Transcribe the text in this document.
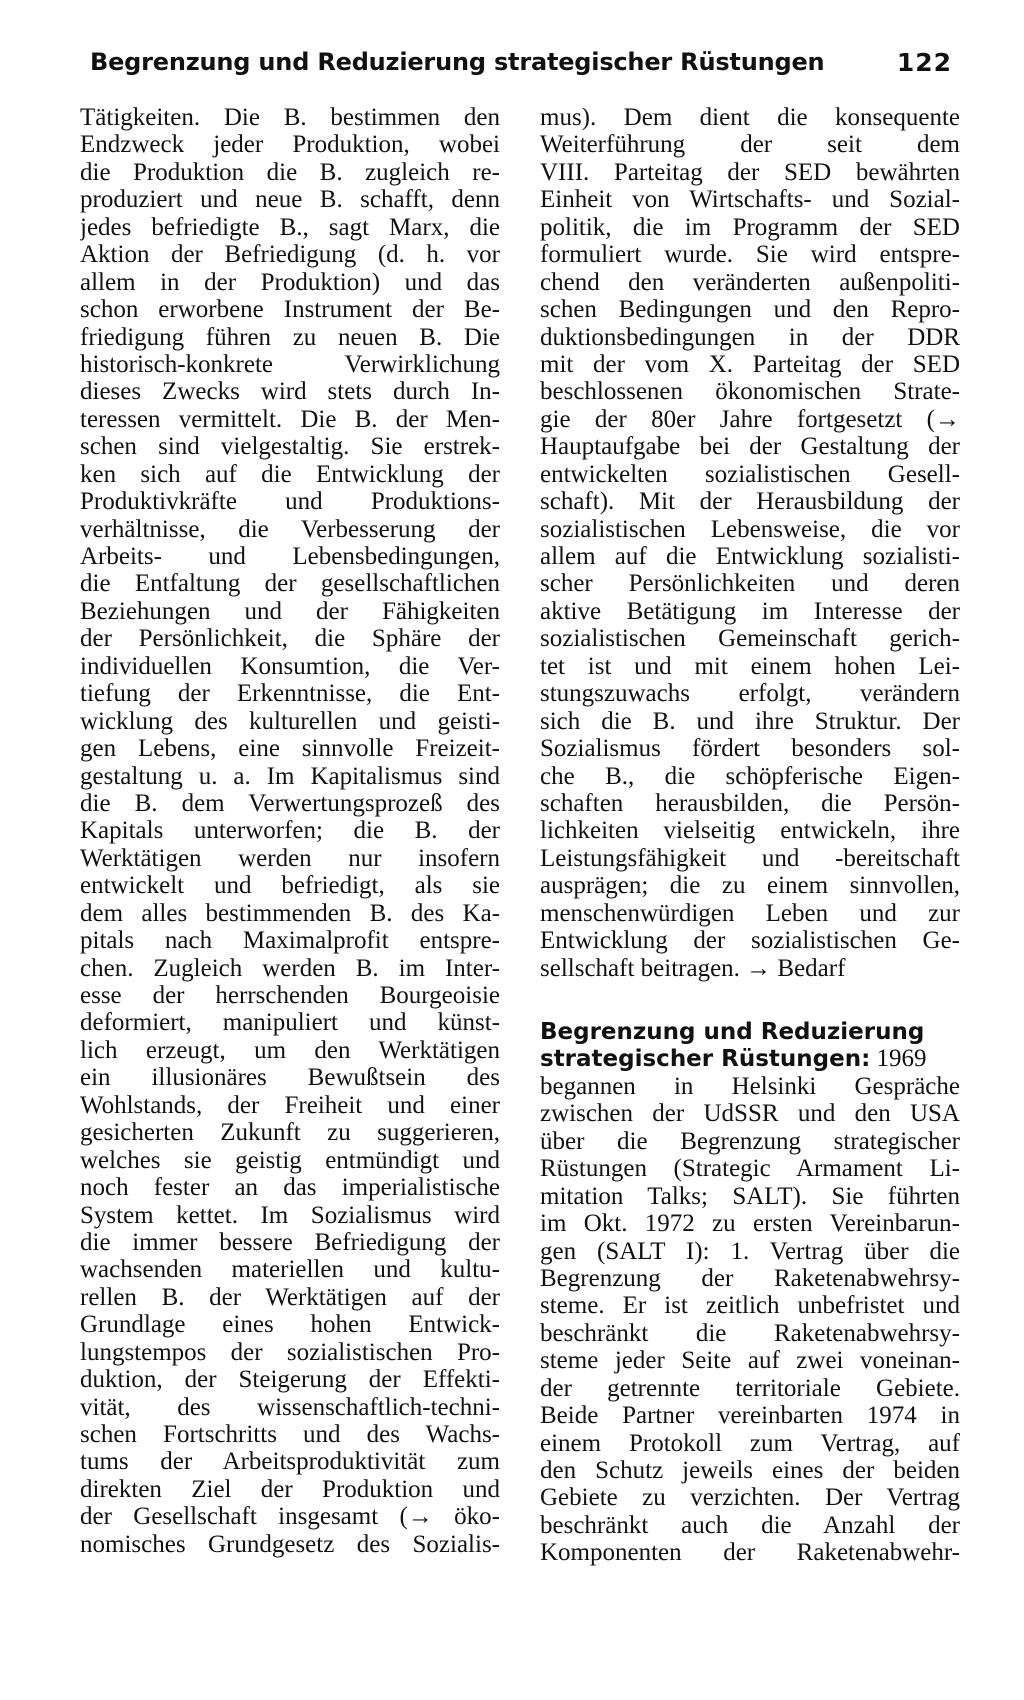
Begrenzung und Reduzierung strategischer Rüstungen	122
Tätigkeiten. Die B. bestimmen den
Endzweck jeder Produktion, wobei
die Produktion die B. zugleich re-
produziert und neue B. schafft, denn
jedes befriedigte B., sagt Marx, die
Aktion der Befriedigung (d. h. vor
allem in der Produktion) und das
schon erworbene Instrument der Be-
friedigung führen zu neuen B. Die
historisch-konkrete Verwirklichung
dieses Zwecks wird stets durch In-
teressen vermittelt. Die B. der Men-
schen sind vielgestaltig. Sie erstrek-
ken sich auf die Entwicklung der
Produktivkräfte und Produktions-
verhältnisse, die Verbesserung der
Arbeits- und Lebensbedingungen,
die Entfaltung der gesellschaftlichen
Beziehungen und der Fähigkeiten
der Persönlichkeit, die Sphäre der
individuellen Konsumtion, die Ver-
tiefung der Erkenntnisse, die Ent-
wicklung des kulturellen und geisti-
gen Lebens, eine sinnvolle Freizeit-
gestaltung u. a. Im Kapitalismus sind
die B. dem Verwertungsprozeß des
Kapitals unterworfen; die B. der
Werktätigen werden nur insofern
entwickelt und befriedigt, als sie
dem alles bestimmenden B. des Ka-
pitals nach Maximalprofit entspre-
chen. Zugleich werden B. im Inter-
esse der herrschenden Bourgeoisie
deformiert, manipuliert und künst-
lich erzeugt, um den Werktätigen
ein illusionäres Bewußtsein des
Wohlstands, der Freiheit und einer
gesicherten Zukunft zu suggerieren,
welches sie geistig entmündigt und
noch fester an das imperialistische
System kettet. Im Sozialismus wird
die immer bessere Befriedigung der
wachsenden materiellen und kultu-
rellen B. der Werktätigen auf der
Grundlage eines hohen Entwick-
lungstempos der sozialistischen Pro-
duktion, der Steigerung der Effekti-
vität, des wissenschaftlich-techni-
schen Fortschritts und des Wachs-
tums der Arbeitsproduktivität zum
direkten Ziel der Produktion und
der Gesellschaft insgesamt (→ öko-
nomisches Grundgesetz des Sozialis-
mus). Dem dient die konsequente
Weiterführung der seit dem
VIII. Parteitag der SED bewährten
Einheit von Wirtschafts- und Sozial-
politik, die im Programm der SED
formuliert wurde. Sie wird entspre-
chend den veränderten außenpoliti-
schen Bedingungen und den Repro-
duktionsbedingungen in der DDR
mit der vom X. Parteitag der SED
beschlossenen ökonomischen Strate-
gie der 80er Jahre fortgesetzt (→
Hauptaufgabe bei der Gestaltung der
entwickelten sozialistischen Gesell-
schaft). Mit der Herausbildung der
sozialistischen Lebensweise, die vor
allem auf die Entwicklung sozialisti-
scher Persönlichkeiten und deren
aktive Betätigung im Interesse der
sozialistischen Gemeinschaft gerich-
tet ist und mit einem hohen Lei-
stungszuwachs erfolgt, verändern
sich die B. und ihre Struktur. Der
Sozialismus fördert besonders sol-
che B., die schöpferische Eigen-
schaften herausbilden, die Persön-
lichkeiten vielseitig entwickeln, ihre
Leistungsfähigkeit und -bereitschaft
ausprägen; die zu einem sinnvollen,
menschenwürdigen Leben und zur
Entwicklung der sozialistischen Ge-
sellschaft beitragen. → Bedarf
Begrenzung und Reduzierung
strategischer Rüstungen: 1969
begannen in Helsinki Gespräche
zwischen der UdSSR und den USA
über die Begrenzung strategischer
Rüstungen (Strategic Armament Li-
mitation Talks; SALT). Sie führten
im Okt. 1972 zu ersten Vereinbarun-
gen (SALT I): 1. Vertrag über die
Begrenzung der Raketenabwehrsy-
steme. Er ist zeitlich unbefristet und
beschränkt die Raketenabwehrsy-
steme jeder Seite auf zwei voneinan-
der getrennte territoriale Gebiete.
Beide Partner vereinbarten 1974 in
einem Protokoll zum Vertrag, auf
den Schutz jeweils eines der beiden
Gebiete zu verzichten. Der Vertrag
beschränkt auch die Anzahl der
Komponenten der Raketenabwehr-
